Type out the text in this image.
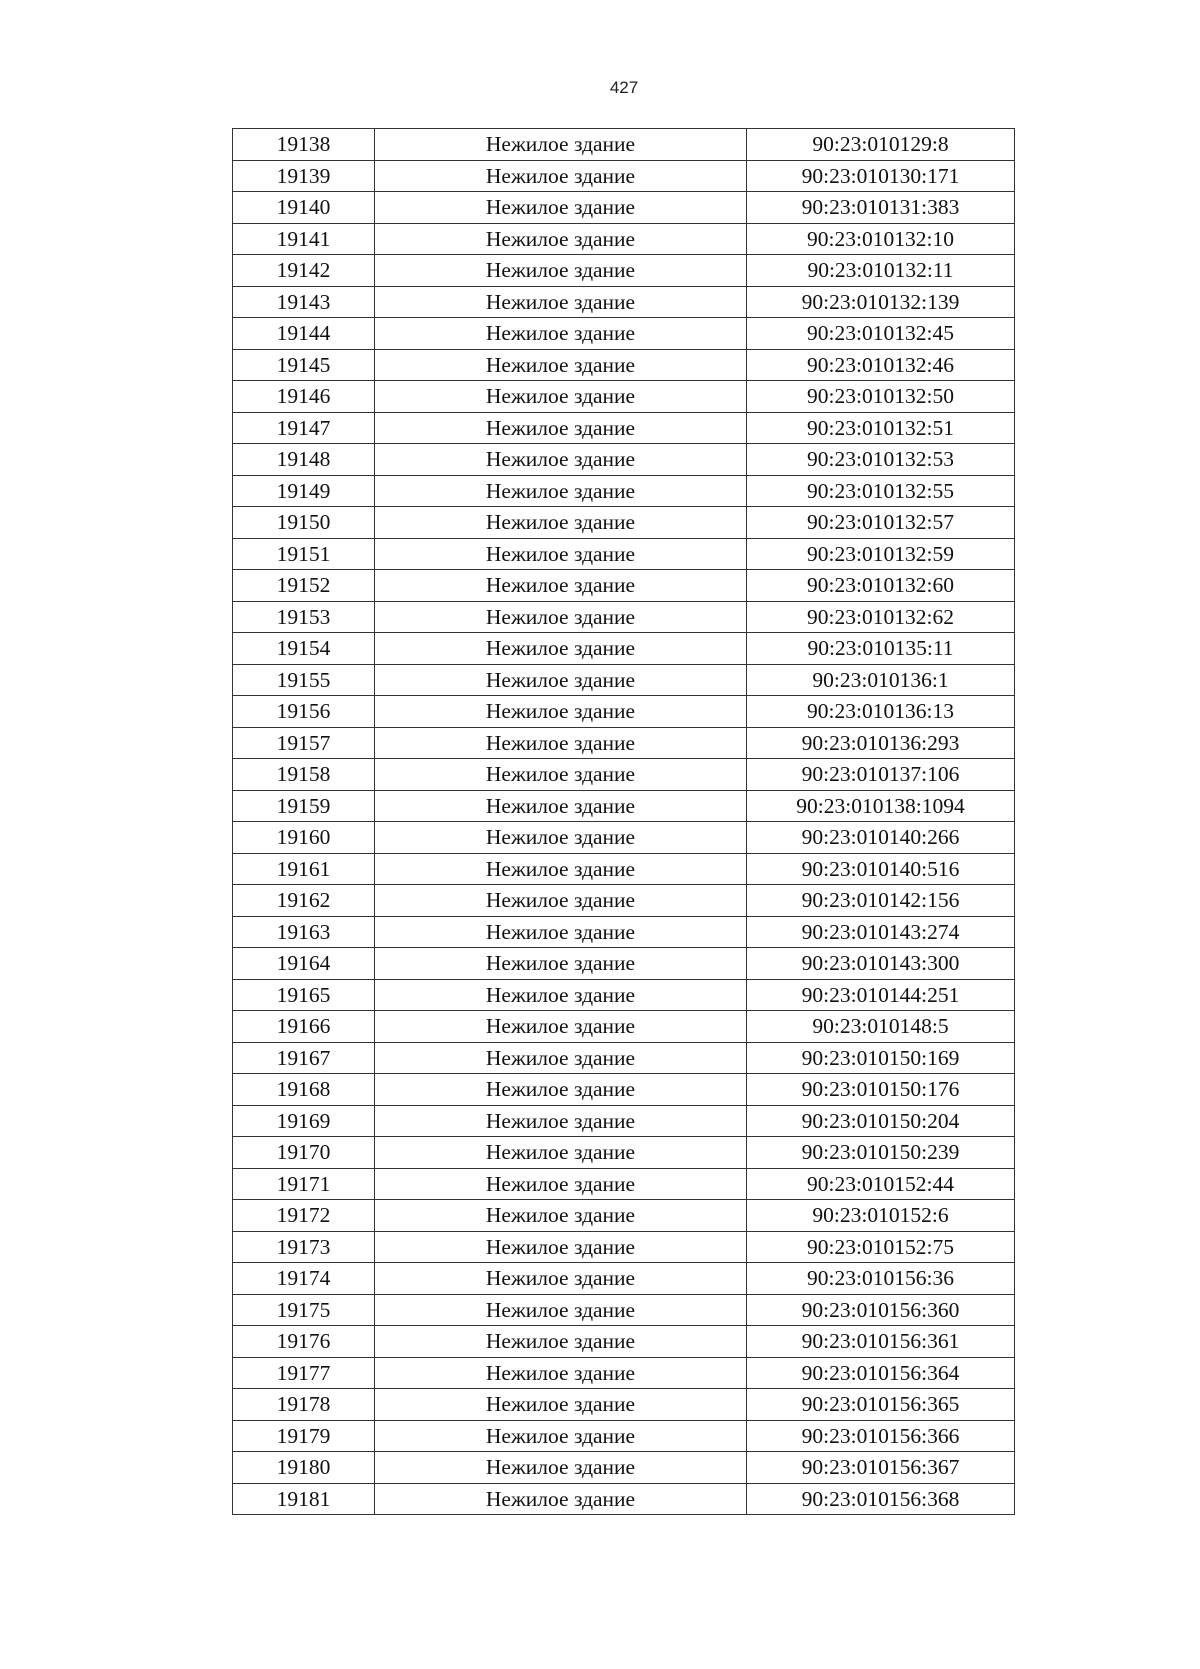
427
19138	Нежилое здание	90:23:010129:8
19139	Нежилое здание	90:23:010130:171
19140	Нежилое здание	90:23:010131:383
19141	Нежилое здание	90:23:010132:10
19142	Нежилое здание	90:23:010132:11
19143	Нежилое здание	90:23:010132:139
19144	Нежилое здание	90:23:010132:45
19145	Нежилое здание	90:23:010132:46
19146	Нежилое здание	90:23:010132:50
19147	Нежилое здание	90:23:010132:51
19148	Нежилое здание	90:23:010132:53
19149	Нежилое здание	90:23:010132:55
19150	Нежилое здание	90:23:010132:57
19151	Нежилое здание	90:23:010132:59
19152	Нежилое здание	90:23:010132:60
19153	Нежилое здание	90:23:010132:62
19154	Нежилое здание	90:23:010135:11
19155	Нежилое здание	90:23:010136:1
19156	Нежилое здание	90:23:010136:13
19157	Нежилое здание	90:23:010136:293
19158	Нежилое здание	90:23:010137:106
19159	Нежилое здание	90:23:010138:1094
19160	Нежилое здание	90:23:010140:266
19161	Нежилое здание	90:23:010140:516
19162	Нежилое здание	90:23:010142:156
19163	Нежилое здание	90:23:010143:274
19164	Нежилое здание	90:23:010143:300
19165	Нежилое здание	90:23:010144:251
19166	Нежилое здание	90:23:010148:5
19167	Нежилое здание	90:23:010150:169
19168	Нежилое здание	90:23:010150:176
19169	Нежилое здание	90:23:010150:204
19170	Нежилое здание	90:23:010150:239
19171	Нежилое здание	90:23:010152:44
19172	Нежилое здание	90:23:010152:6
19173	Нежилое здание	90:23:010152:75
19174	Нежилое здание	90:23:010156:36
19175	Нежилое здание	90:23:010156:360
19176	Нежилое здание	90:23:010156:361
19177	Нежилое здание	90:23:010156:364
19178	Нежилое здание	90:23:010156:365
19179	Нежилое здание	90:23:010156:366
19180	Нежилое здание	90:23:010156:367
19181	Нежилое здание	90:23:010156:368
